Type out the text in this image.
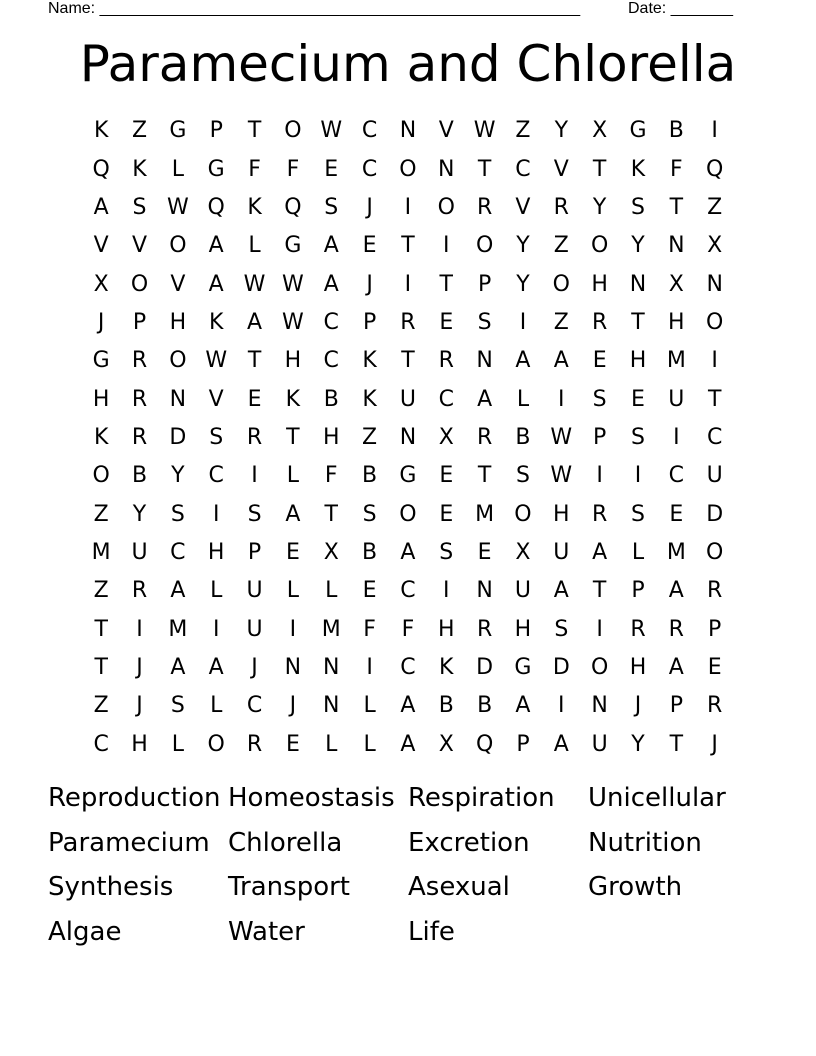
Name: ______________________________________________________	Date: _______
Paramecium and Chlorella
K	Z	G	P	T	O W C	N	V W Z	Y	X	G	B	I
Q	K	L	G	F	F	E	C O N	T	C	V	T	K	F	Q
A	S W Q	K	Q	S	J	I	O	R	V	R	Y	S	T	Z
V	V	O	A	L	G	A	E	T	I	O	Y	Z	O	Y	N	X
X	O	V	A W W A	J	I	T	P	Y	O H N	X	N
J	P	H	K	A W C	P	R	E	S	I	Z	R	T	H O
G	R	O W T	H	C	K	T	R	N	A	A	E	H M	I
H	R	N	V	E	K	B	K	U	C	A	L	I	S	E	U	T
K	R	D	S	R	T	H	Z	N	X	R	B W P	S	I	C
O	B	Y	C	I	L	F	B	G	E	T	S W	I	I	C	U
Z	Y	S	I	S	A	T	S	O	E M O H	R	S	E	D
M U	C	H	P	E	X	B	A	S	E	X	U	A	L	M O
Z	R	A	L	U	L	L	E	C	I	N	U	A	T	P	A	R
T	I	M	I	U	I	M	F	F	H	R	H	S	I	R	R	P
T	J	A	A	J	N N	I	C	K	D G D O H	A	E
Z	J	S	L	C	J	N	L	A	B	B	A	I	N	J	P	R
C	H	L	O	R	E	L	L	A	X	Q	P	A	U	Y	T	J
Reproduction Homeostasis Respiration	Unicellular
Paramecium Chlorella	Excretion	Nutrition
Synthesis	Transport	Asexual	Growth
Algae	Water	Life
